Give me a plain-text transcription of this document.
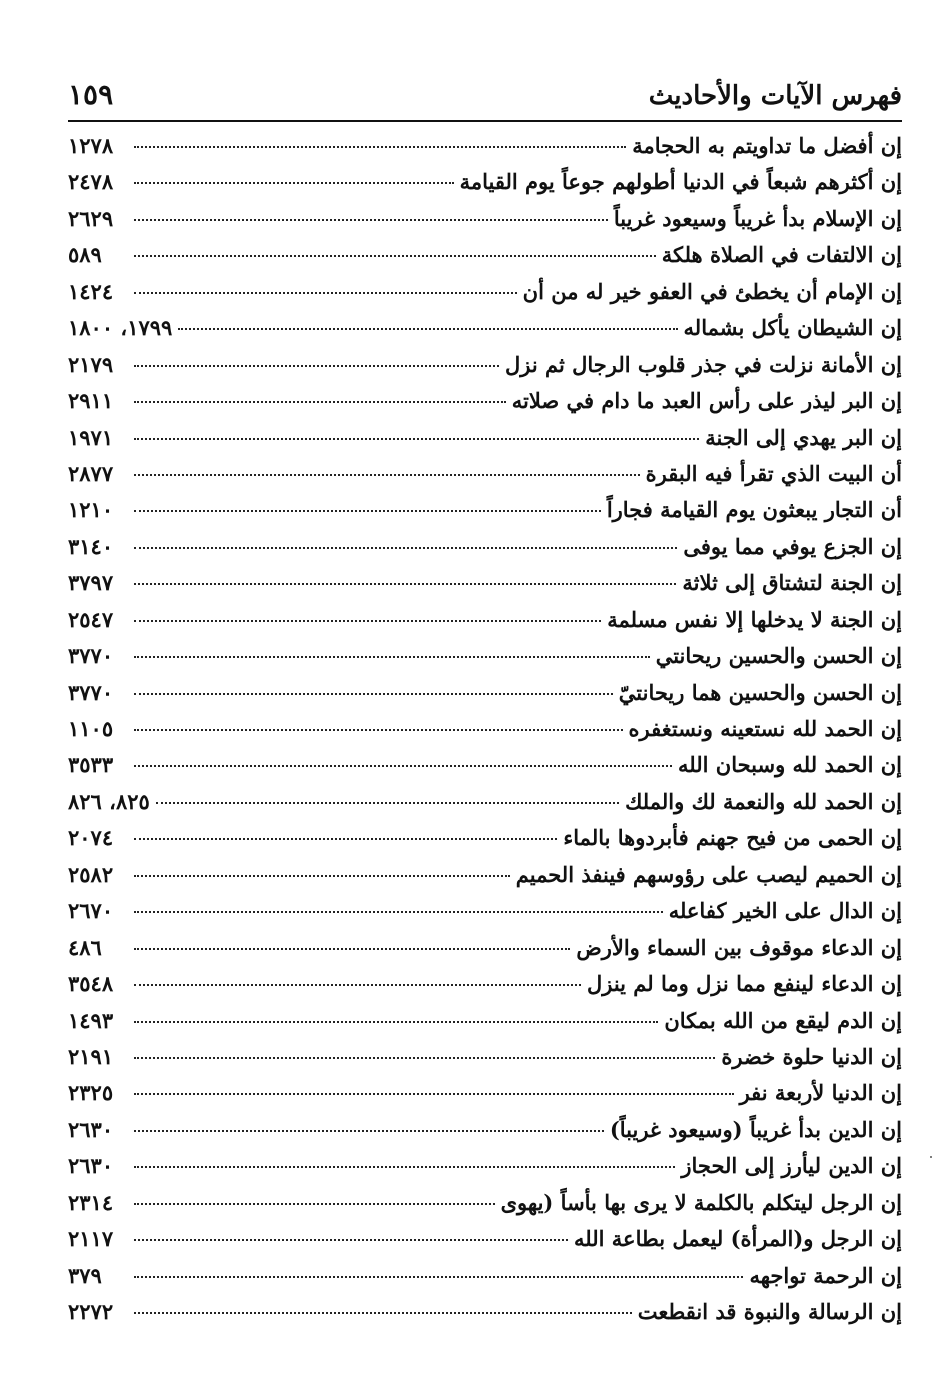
فهرس الآيات والأحاديث
١٥٩
إن أفضل ما تداويتم به الحجامة
١٢٧٨
إن أكثرهم شبعاً في الدنيا أطولهم جوعاً يوم القيامة
٢٤٧٨
إن الإسلام بدأ غريباً وسيعود غريباً
٢٦٢٩
إن الالتفات في الصلاة هلكة
٥٨٩
إن الإمام أن يخطئ في العفو خير له من أن
١٤٢٤
إن الشيطان يأكل بشماله
١٧٩٩، ١٨٠٠
إن الأمانة نزلت في جذر قلوب الرجال ثم نزل
٢١٧٩
إن البر ليذر على رأس العبد ما دام في صلاته
٢٩١١
إن البر يهدي إلى الجنة
١٩٧١
أن البيت الذي تقرأ فيه البقرة
٢٨٧٧
أن التجار يبعثون يوم القيامة فجاراً
١٢١٠
إن الجزع يوفي مما يوفى
٣١٤٠
إن الجنة لتشتاق إلى ثلاثة
٣٧٩٧
إن الجنة لا يدخلها إلا نفس مسلمة
٢٥٤٧
إن الحسن والحسين ريحانتي
٣٧٧٠
إن الحسن والحسين هما ريحانتيّ
٣٧٧٠
إن الحمد لله نستعينه ونستغفره
١١٠٥
إن الحمد لله وسبحان الله
٣٥٣٣
إن الحمد لله والنعمة لك والملك
٨٢٥، ٨٢٦
إن الحمى من فيح جهنم فأبردوها بالماء
٢٠٧٤
إن الحميم ليصب على رؤوسهم فينفذ الحميم
٢٥٨٢
إن الدال على الخير كفاعله
٢٦٧٠
إن الدعاء موقوف بين السماء والأرض
٤٨٦
إن الدعاء لينفع مما نزل وما لم ينزل
٣٥٤٨
إن الدم ليقع من الله بمكان
١٤٩٣
إن الدنيا حلوة خضرة
٢١٩١
إن الدنيا لأربعة نفر
٢٣٢٥
إن الدين بدأ غريباً (وسيعود غريباً)
٢٦٣٠
إن الدين ليأرز إلى الحجاز
٢٦٣٠
إن الرجل ليتكلم بالكلمة لا يرى بها بأساً (يهوى
٢٣١٤
إن الرجل و(المرأة) ليعمل بطاعة الله
٢١١٧
إن الرحمة تواجهه
٣٧٩
إن الرسالة والنبوة قد انقطعت
٢٢٧٢
